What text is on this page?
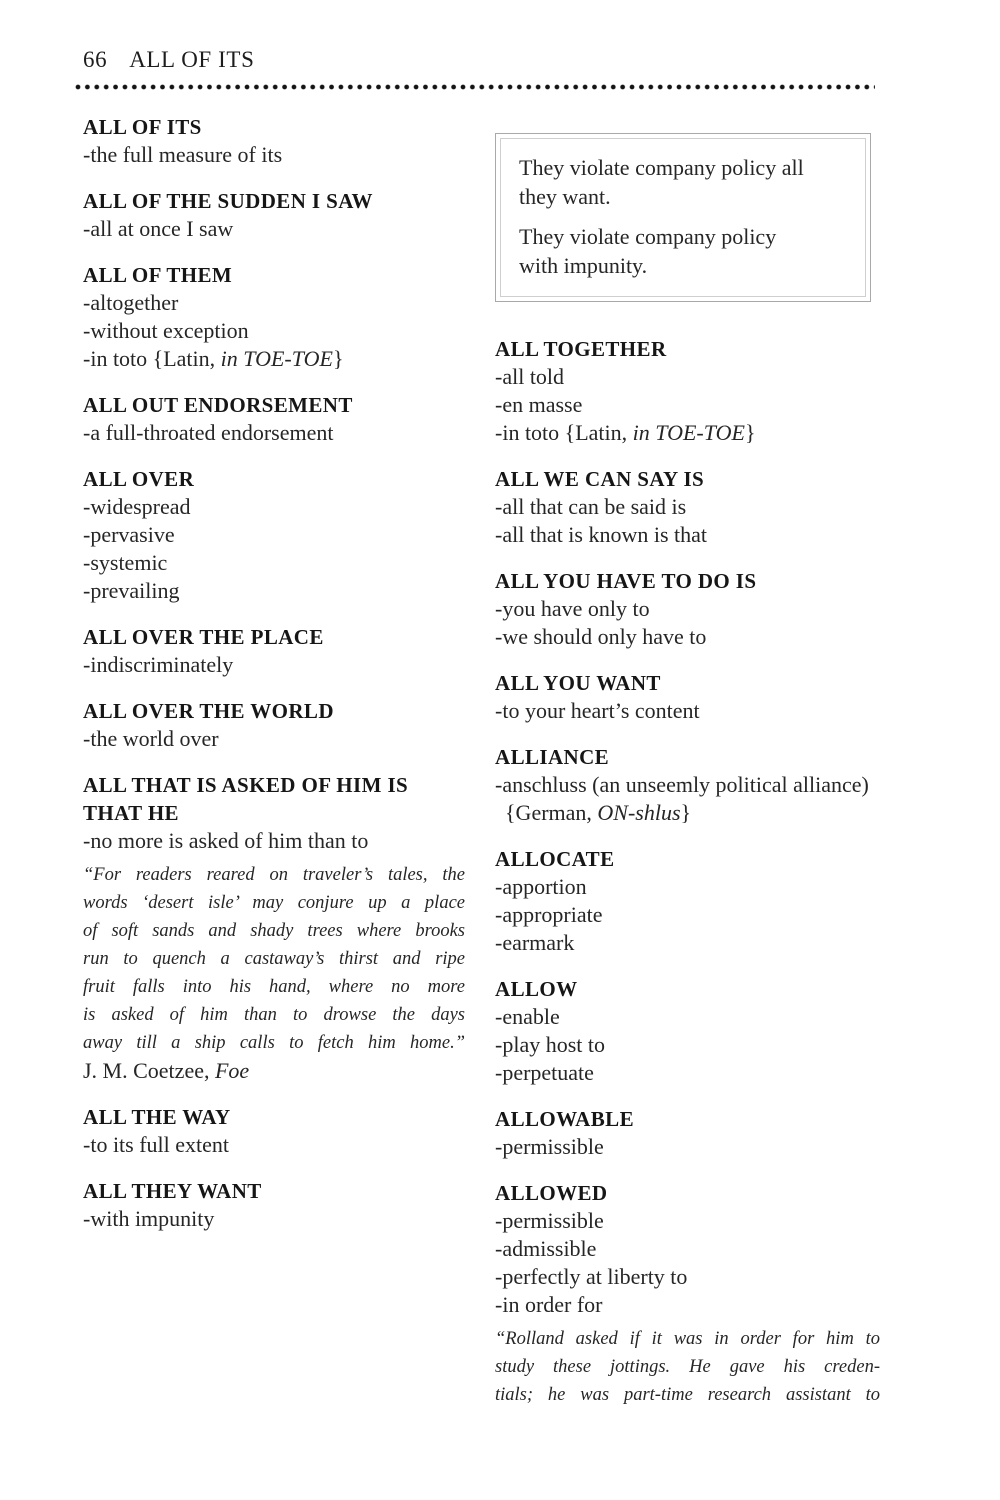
66 ALL OF ITS
ALL OF ITS

-the full measure of its

ALL OF THE SUDDEN I SAW

-all at once I saw

ALL OF THEM

-altogether

-without exception

-in toto {Latin, in TOE-TOE}

ALL OUT ENDORSEMENT

-a full-throated endorsement

ALL OVER

-widespread

-pervasive

-systemic

-prevailing

ALL OVER THE PLACE

-indiscriminately

ALL OVER THE WORLD

-the world over

ALL THAT IS ASKED OF HIM IS THAT HE

-no more is asked of him than to

“For readers reared on traveler’s tales, the
words ‘desert isle’ may conjure up a place
of soft sands and shady trees where brooks
run to quench a castaway’s thirst and ripe
fruit falls into his hand, where no more
is asked of him than to drowse the days
away till a ship calls to fetch him home.”
J. M. Coetzee, Foe
ALL THE WAY

-to its full extent

ALL THEY WANT

-with impunity

They violate company policy all

they want.

They violate company policy

with impunity.

ALL TOGETHER

-all told

-en masse

-in toto {Latin, in TOE-TOE}

ALL WE CAN SAY IS

-all that can be said is

-all that is known is that

ALL YOU HAVE TO DO IS

-you have only to

-we should only have to

ALL YOU WANT

-to your heart’s content

ALLIANCE

-anschluss (an unseemly political alliance) {German, ON-shlus}

ALLOCATE

-apportion

-appropriate

-earmark

ALLOW

-enable

-play host to

-perpetuate

ALLOWABLE

-permissible

ALLOWED

-permissible

-admissible

-perfectly at liberty to

-in order for

“Rolland asked if it was in order for him to
study these jottings. He gave his creden-
tials; he was part-time research assistant to
